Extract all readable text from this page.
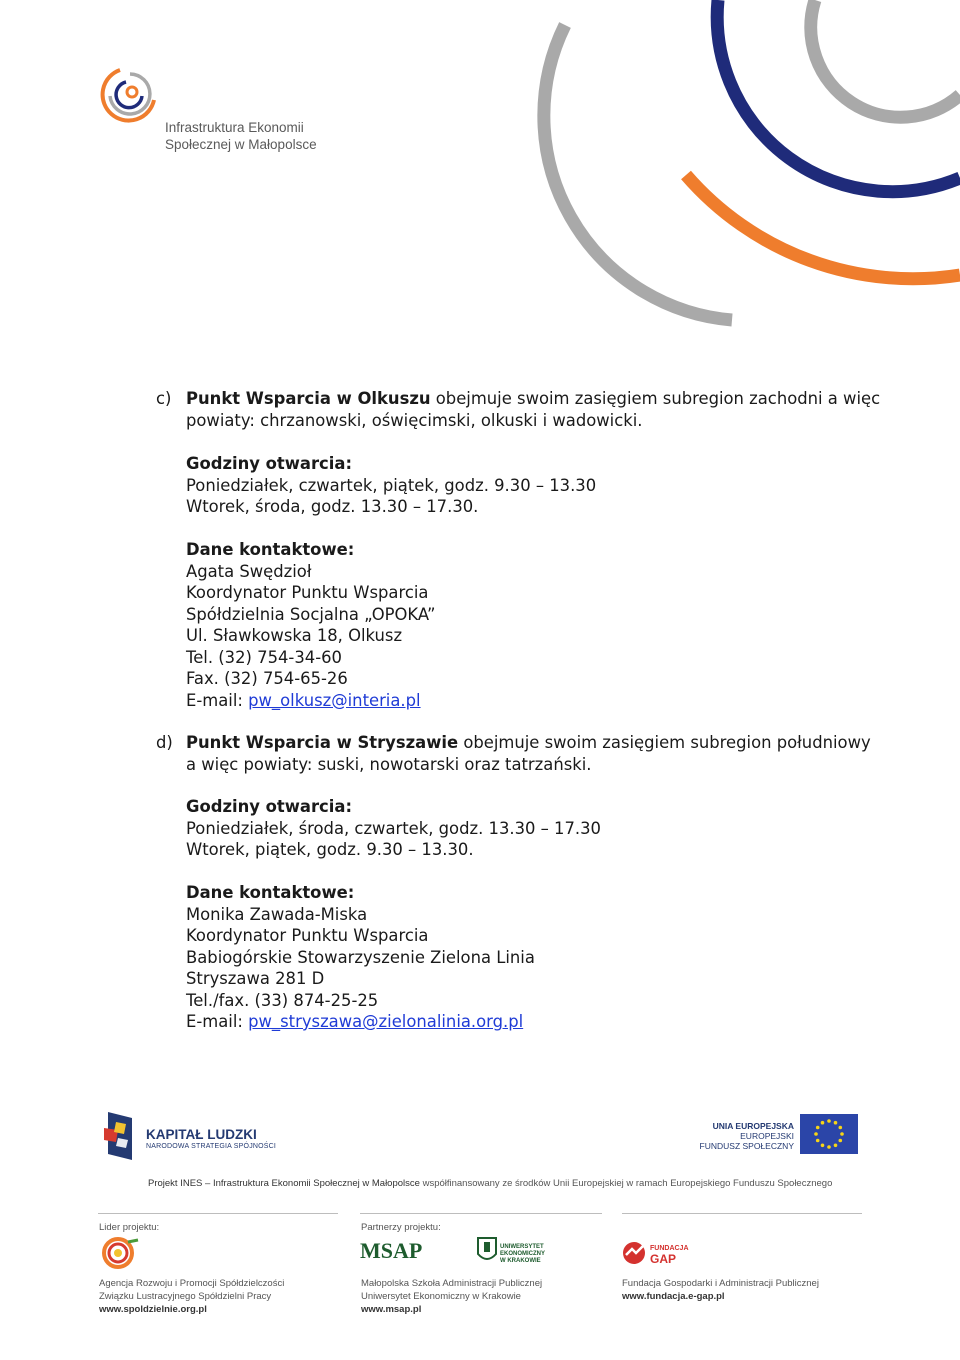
Infrastruktura Ekonomii
Społecznej w Małopolsce
c) Punkt Wsparcia w Olkuszu obejmuje swoim zasięgiem subregion zachodni a więc
powiaty: chrzanowski, oświęcimski, olkuski i wadowicki.
Godziny otwarcia:
Poniedziałek, czwartek, piątek, godz. 9.30 – 13.30
Wtorek, środa, godz. 13.30 – 17.30.
Dane kontaktowe:
Agata Swędzioł
Koordynator Punktu Wsparcia
Spółdzielnia Socjalna „OPOKA”
Ul. Sławkowska 18, Olkusz
Tel. (32) 754-34-60
Fax. (32) 754-65-26
E-mail: pw_olkusz@interia.pl
d) Punkt Wsparcia w Stryszawie obejmuje swoim zasięgiem subregion południowy
a więc powiaty: suski, nowotarski oraz tatrzański.
Godziny otwarcia:
Poniedziałek, środa, czwartek, godz. 13.30 – 17.30
Wtorek, piątek, godz. 9.30 – 13.30.
Dane kontaktowe:
Monika Zawada-Miska
Koordynator Punktu Wsparcia
Babiogórskie Stowarzyszenie Zielona Linia
Stryszawa 281 D
Tel./fax. (33) 874-25-25
E-mail: pw_stryszawa@zielonalinia.org.pl
KAPITAŁ LUDZKI
NARODOWA STRATEGIA SPÓJNOŚCI
UNIA EUROPEJSKA
EUROPEJSKI
FUNDUSZ SPOŁECZNY
Projekt INES – Infrastruktura Ekonomii Społecznej w Małopolsce współfinansowany ze środków Unii Europejskiej w ramach Europejskiego Funduszu Społecznego
Lider projektu:
Agencja Rozwoju i Promocji Spółdzielczości
Związku Lustracyjnego Spółdzielni Pracy
www.spoldzielnie.org.pl
Partnerzy projektu:
MSAP	UNIWERSYTET
EKONOMICZNY
W KRAKOWIE
Małopolska Szkoła Administracji Publicznej
Uniwersytet Ekonomiczny w Krakowie
www.msap.pl
FUNDACJA
GAP
Fundacja Gospodarki i Administracji Publicznej
www.fundacja.e-gap.pl
